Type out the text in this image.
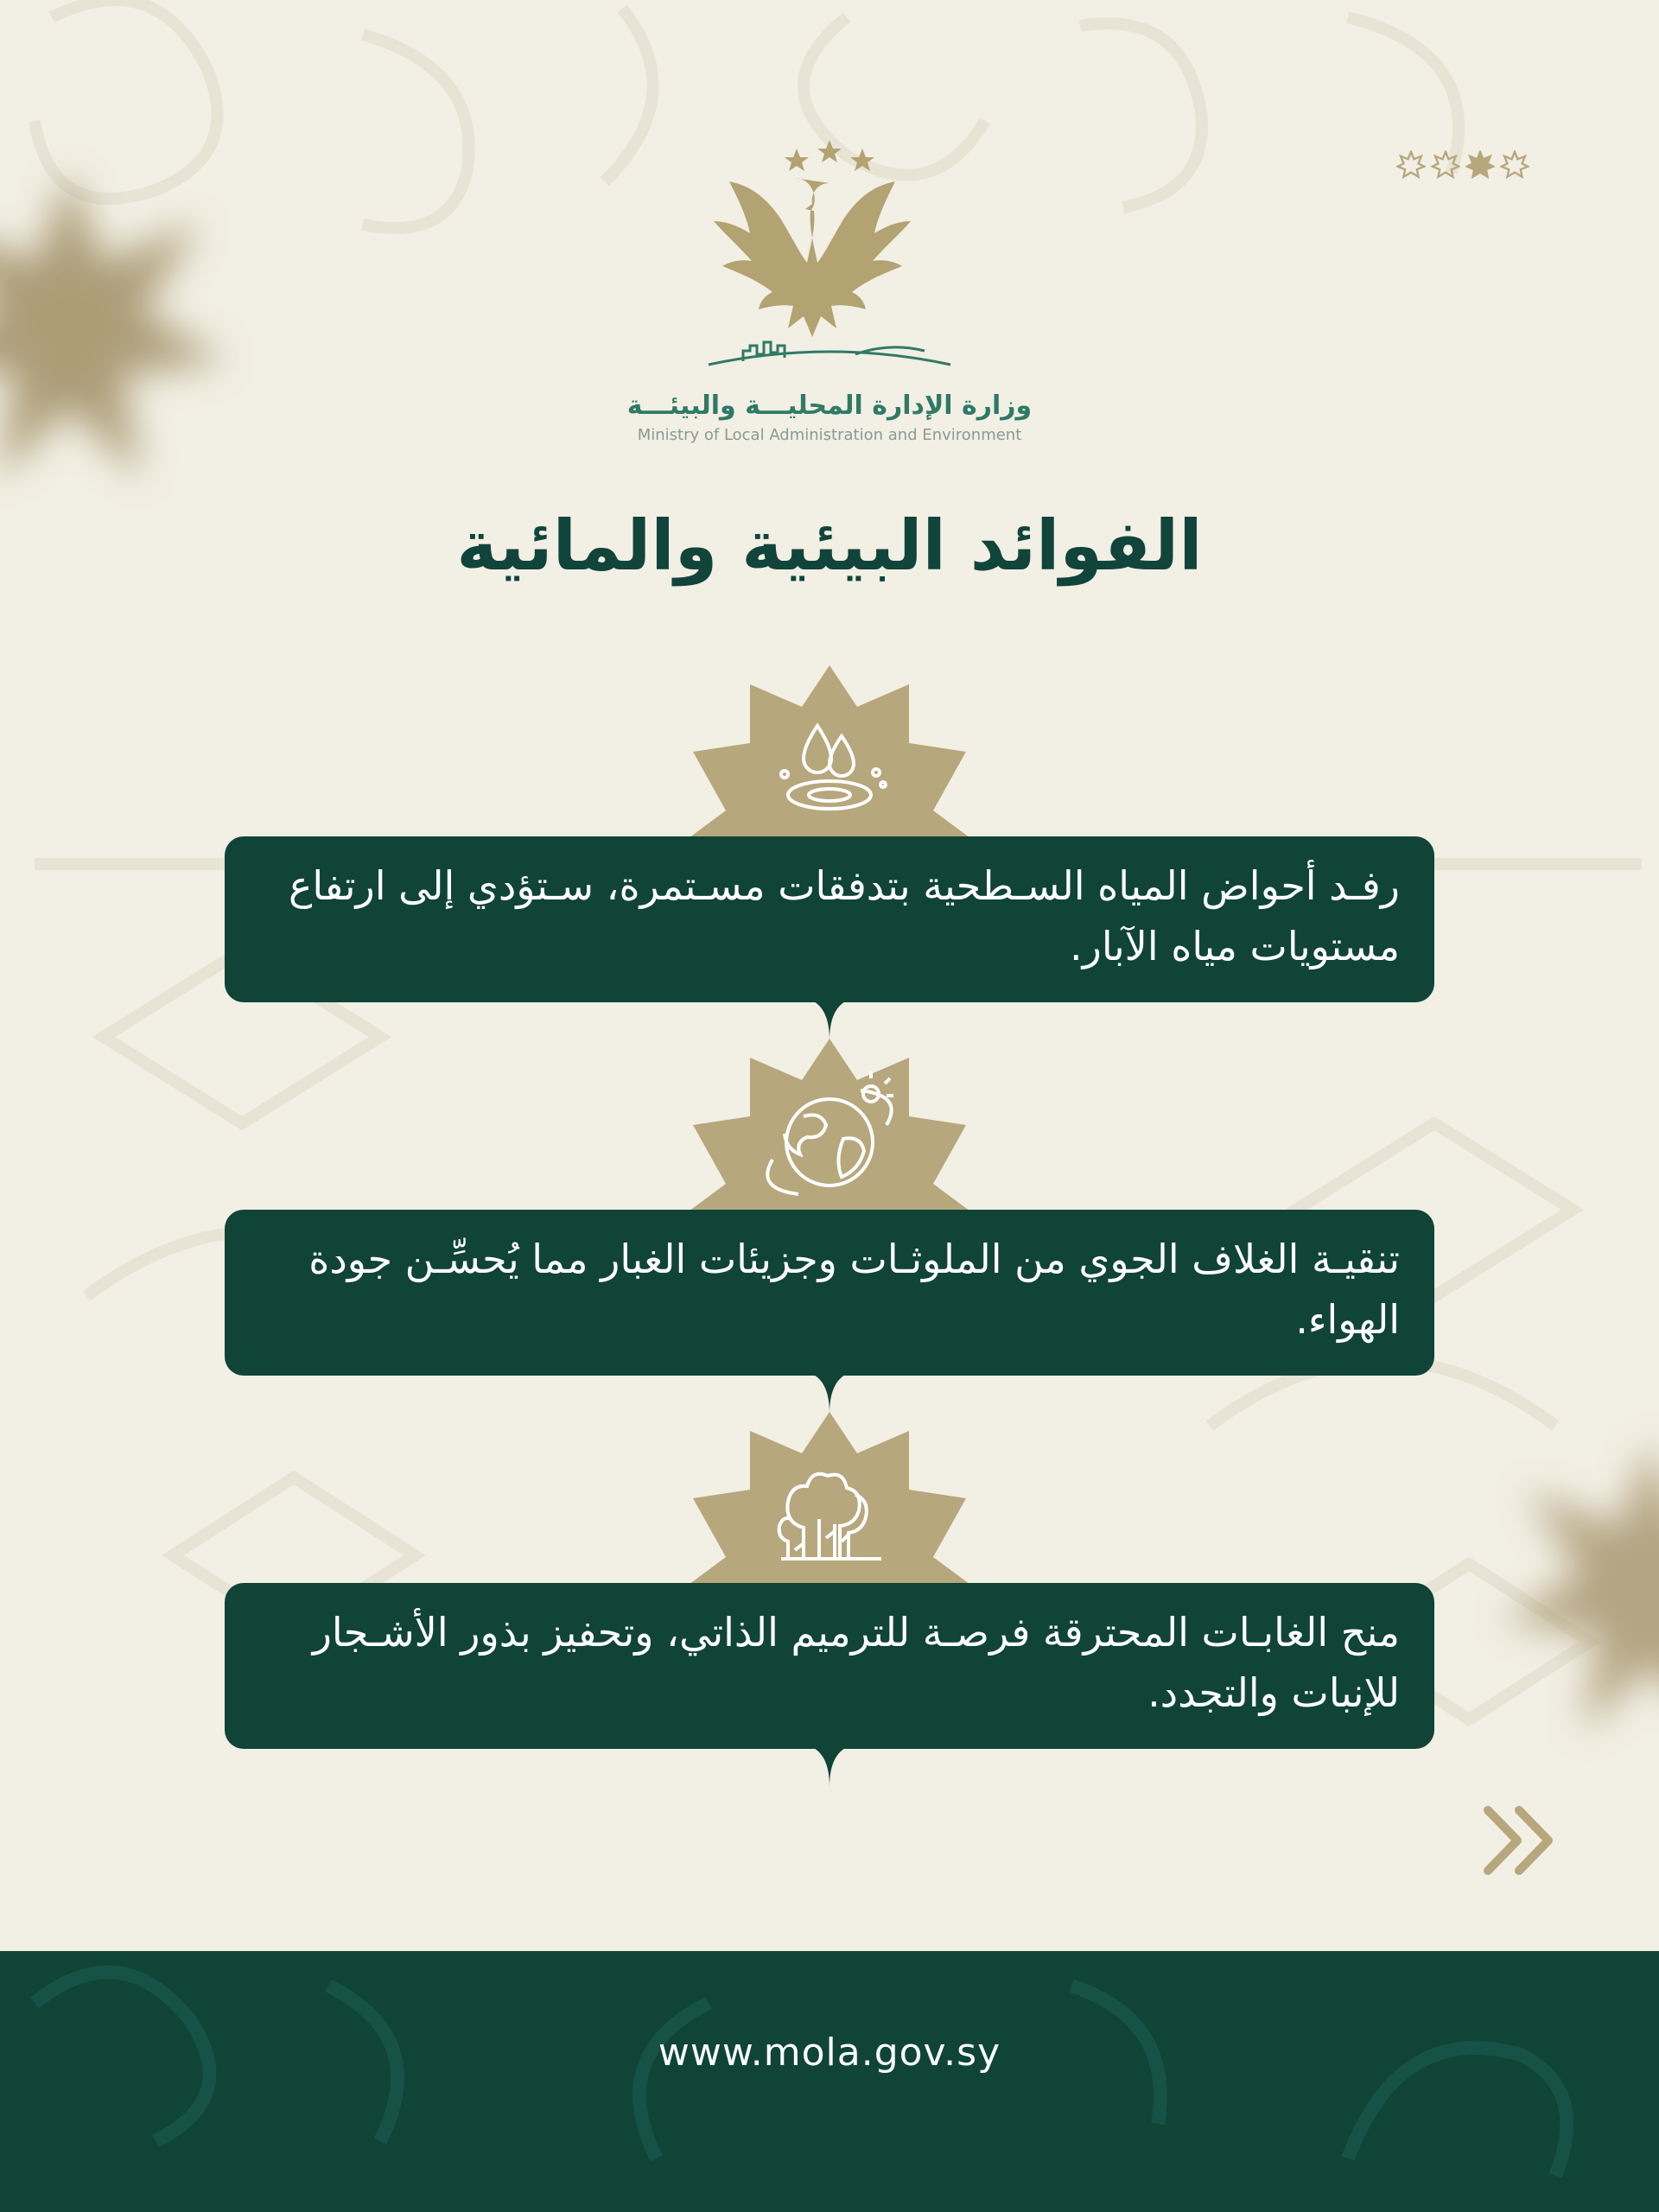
وزارة الإدارة المحليـــة والبيئـــة
Ministry of Local Administration and Environment
الفوائد البيئية والمائية
رفـد أحواض المياه السـطحية بتدفقات مسـتمرة، سـتؤدي إلى ارتفاع مستويات مياه الآبار.
تنقيـة الغلاف الجوي من الملوثـات وجزيئات الغبار مما يُحسِّـن جودة الهواء.
منح الغابـات المحترقة فرصـة للترميم الذاتي، وتحفيز بذور الأشـجار للإنبات والتجدد.
www.mola.gov.sy
